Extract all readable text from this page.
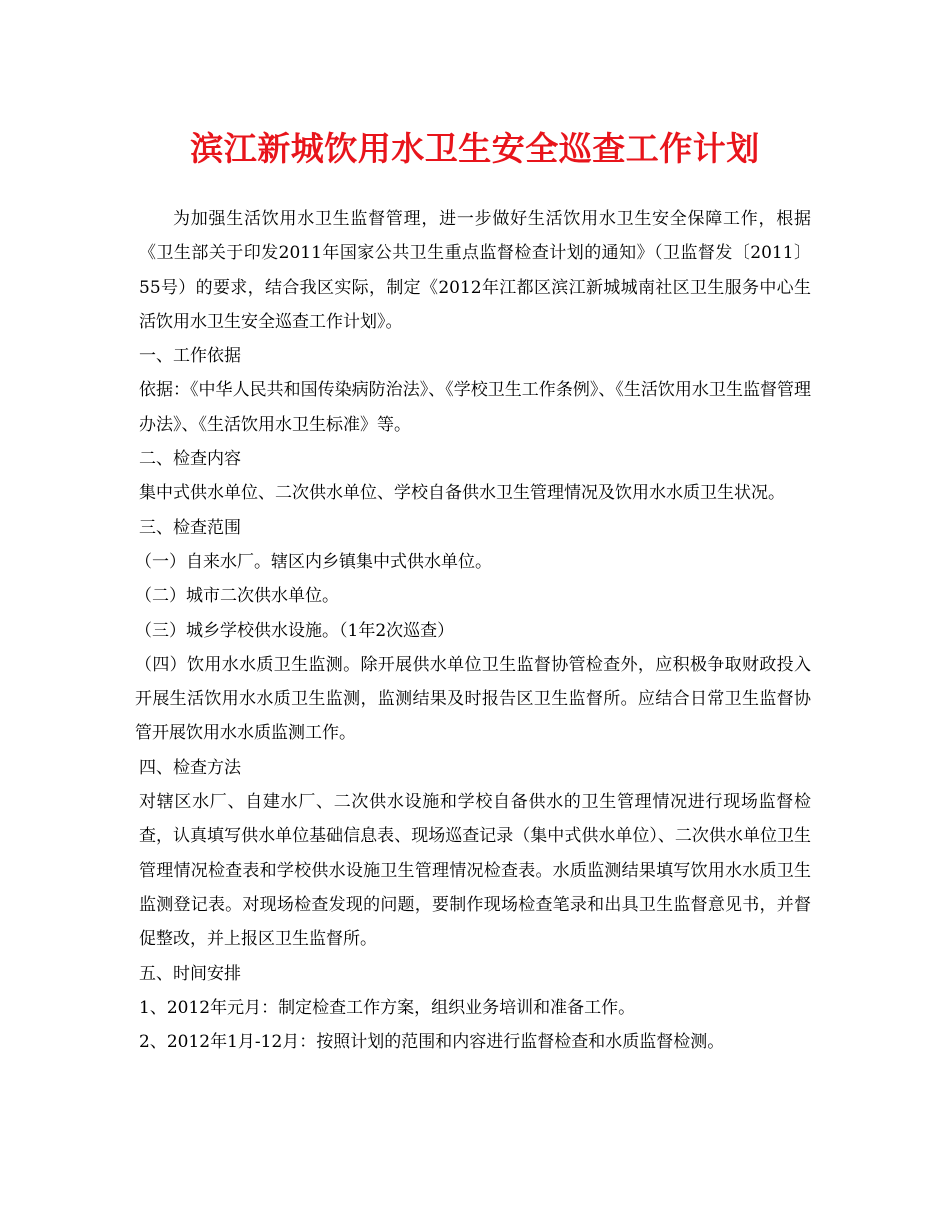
滨江新城饮用水卫生安全巡查工作计划

为加强生活饮用水卫生监督管理，进一步做好生活饮用水卫生安全保障工作，根据《卫生部关于印发2011年国家公共卫生重点监督检查计划的通知》（卫监督发〔2011〕55号）的要求，结合我区实际，制定《2012年江都区滨江新城城南社区卫生服务中心生活饮用水卫生安全巡查工作计划》。

一、工作依据

依据：《中华人民共和国传染病防治法》、《学校卫生工作条例》、《生活饮用水卫生监督管理办法》、《生活饮用水卫生标准》等。

二、检查内容

集中式供水单位、二次供水单位、学校自备供水卫生管理情况及饮用水水质卫生状况。

三、检查范围

（一）自来水厂。辖区内乡镇集中式供水单位。

（二）城市二次供水单位。

（三）城乡学校供水设施。（1年2次巡查）

（四）饮用水水质卫生监测。除开展供水单位卫生监督协管检查外，应积极争取财政投入开展生活饮用水水质卫生监测，监测结果及时报告区卫生监督所。应结合日常卫生监督协管开展饮用水水质监测工作。

四、检查方法

对辖区水厂、自建水厂、二次供水设施和学校自备供水的卫生管理情况进行现场监督检查，认真填写供水单位基础信息表、现场巡查记录（集中式供水单位）、二次供水单位卫生管理情况检查表和学校供水设施卫生管理情况检查表。水质监测结果填写饮用水水质卫生监测登记表。对现场检查发现的问题，要制作现场检查笔录和出具卫生监督意见书，并督促整改，并上报区卫生监督所。

五、时间安排

1、2012年元月：制定检查工作方案，组织业务培训和准备工作。

2、2012年1月-12月：按照计划的范围和内容进行监督检查和水质监督检测。
